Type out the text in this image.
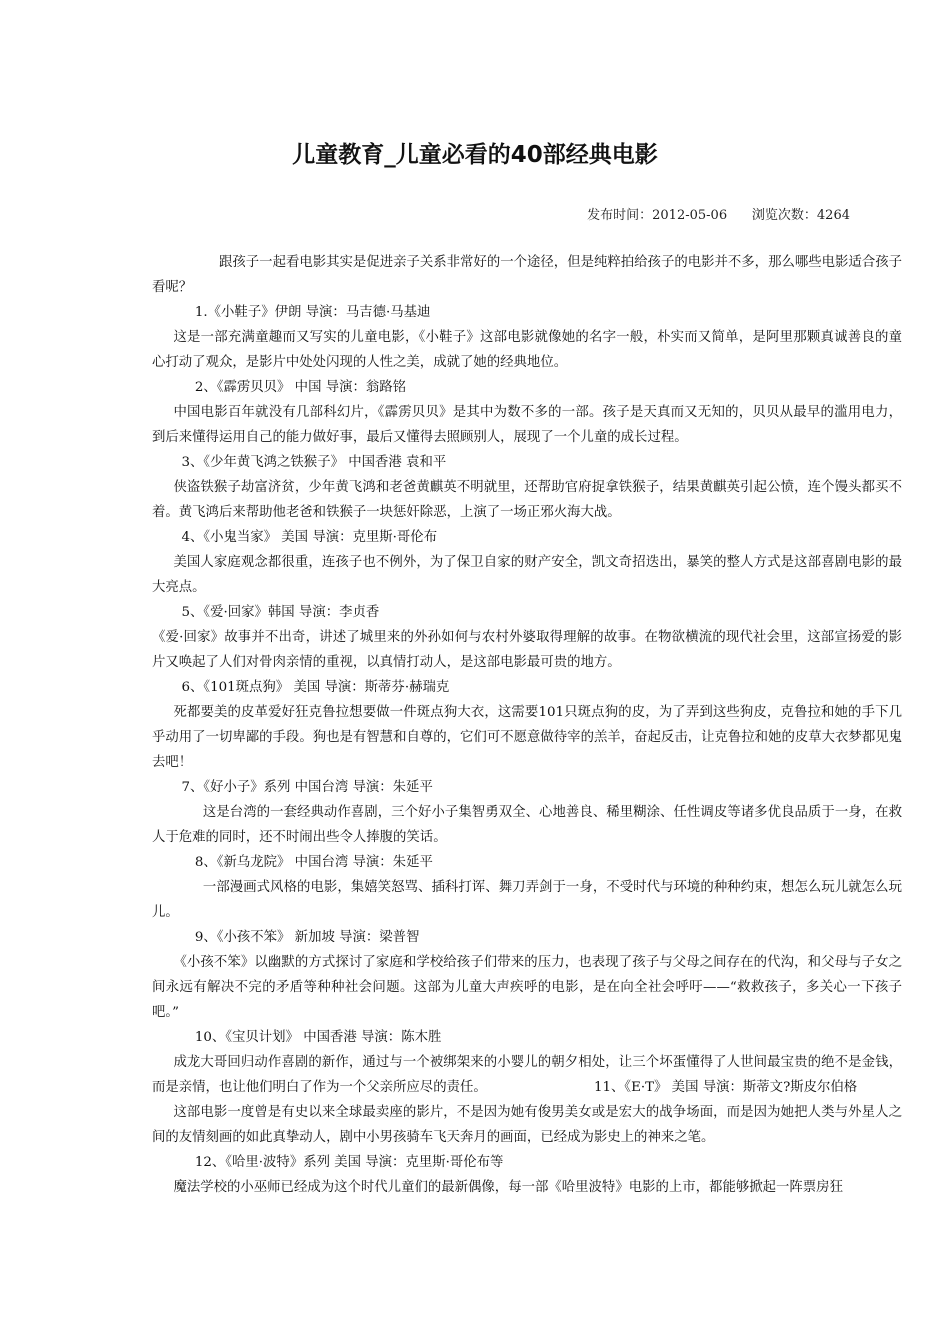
儿童教育_儿童必看的40部经典电影
发布时间：2012-05-06 浏览次数：4264

跟孩子一起看电影其实是促进亲子关系非常好的一个途径，但是纯粹拍给孩子的电影并不多，那么哪些电影适合孩子看呢？

1.《小鞋子》伊朗 导演：马吉德·马基迪

这是一部充满童趣而又写实的儿童电影，《小鞋子》这部电影就像她的名字一般，朴实而又简单，是阿里那颗真诚善良的童心打动了观众，是影片中处处闪现的人性之美，成就了她的经典地位。

2、《霹雳贝贝》 中国 导演：翁路铭

中国电影百年就没有几部科幻片，《霹雳贝贝》是其中为数不多的一部。孩子是天真而又无知的，贝贝从最早的滥用电力，到后来懂得运用自己的能力做好事，最后又懂得去照顾别人，展现了一个儿童的成长过程。

3、《少年黄飞鸿之铁猴子》 中国香港 袁和平

侠盗铁猴子劫富济贫，少年黄飞鸿和老爸黄麒英不明就里，还帮助官府捉拿铁猴子，结果黄麒英引起公愤，连个馒头都买不着。黄飞鸿后来帮助他老爸和铁猴子一块惩奸除恶，上演了一场正邪火海大战。

4、《小鬼当家》 美国 导演：克里斯·哥伦布

美国人家庭观念都很重，连孩子也不例外，为了保卫自家的财产安全，凯文奇招迭出，暴笑的整人方式是这部喜剧电影的最大亮点。

5、《爱·回家》韩国 导演：李贞香

《爱·回家》故事并不出奇，讲述了城里来的外孙如何与农村外婆取得理解的故事。在物欲横流的现代社会里，这部宣扬爱的影片又唤起了人们对骨肉亲情的重视，以真情打动人，是这部电影最可贵的地方。

6、《101斑点狗》 美国 导演：斯蒂芬·赫瑞克

死都要美的皮革爱好狂克鲁拉想要做一件斑点狗大衣，这需要101只斑点狗的皮，为了弄到这些狗皮，克鲁拉和她的手下几乎动用了一切卑鄙的手段。狗也是有智慧和自尊的，它们可不愿意做待宰的羔羊，奋起反击，让克鲁拉和她的皮草大衣梦都见鬼去吧！

7、《好小子》系列 中国台湾 导演：朱延平

这是台湾的一套经典动作喜剧，三个好小子集智勇双全、心地善良、稀里糊涂、任性调皮等诸多优良品质于一身，在救人于危难的同时，还不时闹出些令人捧腹的笑话。

8、《新乌龙院》 中国台湾 导演：朱延平

一部漫画式风格的电影，集嬉笑怒骂、插科打诨、舞刀弄剑于一身，不受时代与环境的种种约束，想怎么玩儿就怎么玩儿。

9、《小孩不笨》 新加坡 导演：梁普智

《小孩不笨》以幽默的方式探讨了家庭和学校给孩子们带来的压力，也表现了孩子与父母之间存在的代沟，和父母与子女之间永远有解决不完的矛盾等种种社会问题。这部为儿童大声疾呼的电影，是在向全社会呼吁——“救救孩子，多关心一下孩子吧。”

10、《宝贝计划》 中国香港 导演：陈木胜

成龙大哥回归动作喜剧的新作，通过与一个被绑架来的小婴儿的朝夕相处，让三个坏蛋懂得了人世间最宝贵的绝不是金钱，而是亲情，也让他们明白了作为一个父亲所应尽的责任。	11、《E·T》 美国 导演：斯蒂文?斯皮尔伯格

这部电影一度曾是有史以来全球最卖座的影片，不是因为她有俊男美女或是宏大的战争场面，而是因为她把人类与外星人之间的友情刻画的如此真挚动人，剧中小男孩骑车飞天奔月的画面，已经成为影史上的神来之笔。

12、《哈里·波特》系列 美国 导演：克里斯·哥伦布等

魔法学校的小巫师已经成为这个时代儿童们的最新偶像，每一部《哈里波特》电影的上市，都能够掀起一阵票房狂
